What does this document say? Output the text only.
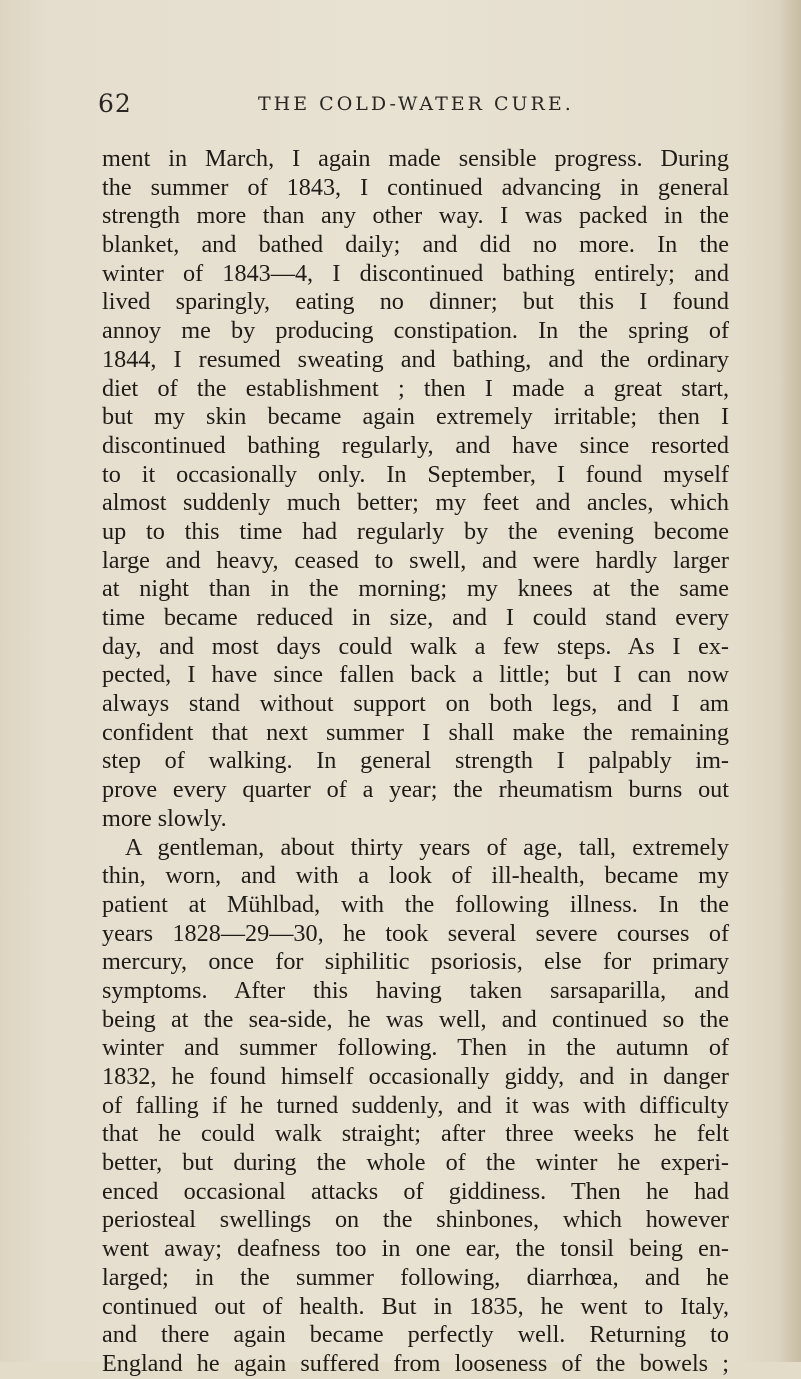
62	THE COLD-WATER CURE.
ment in March, I again made sensible progress. During
the summer of 1843, I continued advancing in general
strength more than any other way. I was packed in the
blanket, and bathed daily; and did no more. In the
winter of 1843—4, I discontinued bathing entirely; and
lived sparingly, eating no dinner; but this I found
annoy me by producing constipation. In the spring of
1844, I resumed sweating and bathing, and the ordinary
diet of the establishment ; then I made a great start,
but my skin became again extremely irritable; then I
discontinued bathing regularly, and have since resorted
to it occasionally only. In September, I found myself
almost suddenly much better; my feet and ancles, which
up to this time had regularly by the evening become
large and heavy, ceased to swell, and were hardly larger
at night than in the morning; my knees at the same
time became reduced in size, and I could stand every
day, and most days could walk a few steps. As I ex-
pected, I have since fallen back a little; but I can now
always stand without support on both legs, and I am
confident that next summer I shall make the remaining
step of walking. In general strength I palpably im-
prove every quarter of a year; the rheumatism burns out
more slowly.
A gentleman, about thirty years of age, tall, extremely
thin, worn, and with a look of ill-health, became my
patient at Mühlbad, with the following illness. In the
years 1828—29—30, he took several severe courses of
mercury, once for siphilitic psoriosis, else for primary
symptoms. After this having taken sarsaparilla, and
being at the sea-side, he was well, and continued so the
winter and summer following. Then in the autumn of
1832, he found himself occasionally giddy, and in danger
of falling if he turned suddenly, and it was with difficulty
that he could walk straight; after three weeks he felt
better, but during the whole of the winter he experi-
enced occasional attacks of giddiness. Then he had
periosteal swellings on the shinbones, which however
went away; deafness too in one ear, the tonsil being en-
larged; in the summer following, diarrhœa, and he
continued out of health. But in 1835, he went to Italy,
and there again became perfectly well. Returning to
England he again suffered from looseness of the bowels ;
